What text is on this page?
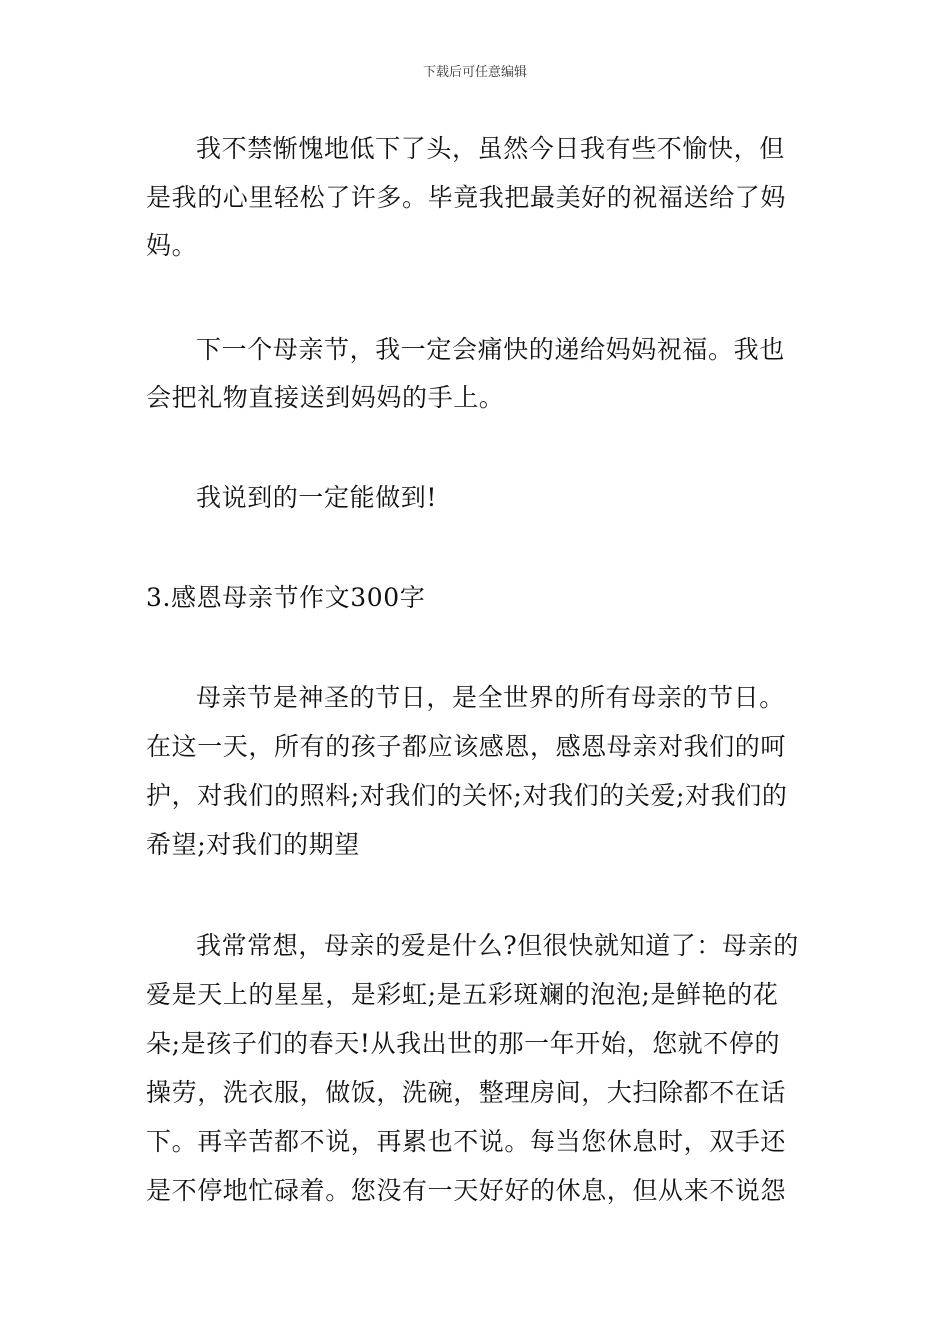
下载后可任意编辑
我不禁惭愧地低下了头，虽然今日我有些不愉快，但
是我的心里轻松了许多。毕竟我把最美好的祝福送给了妈
妈。
下一个母亲节，我一定会痛快的递给妈妈祝福。我也
会把礼物直接送到妈妈的手上。
我说到的一定能做到!
3.感恩母亲节作文300字
母亲节是神圣的节日，是全世界的所有母亲的节日。
在这一天，所有的孩子都应该感恩，感恩母亲对我们的呵
护，对我们的照料;对我们的关怀;对我们的关爱;对我们的
希望;对我们的期望
我常常想，母亲的爱是什么?但很快就知道了：母亲的
爱是天上的星星，是彩虹;是五彩斑斓的泡泡;是鲜艳的花
朵;是孩子们的春天!从我出世的那一年开始，您就不停的
操劳，洗衣服，做饭，洗碗，整理房间，大扫除都不在话
下。再辛苦都不说，再累也不说。每当您休息时，双手还
是不停地忙碌着。您没有一天好好的休息，但从来不说怨
